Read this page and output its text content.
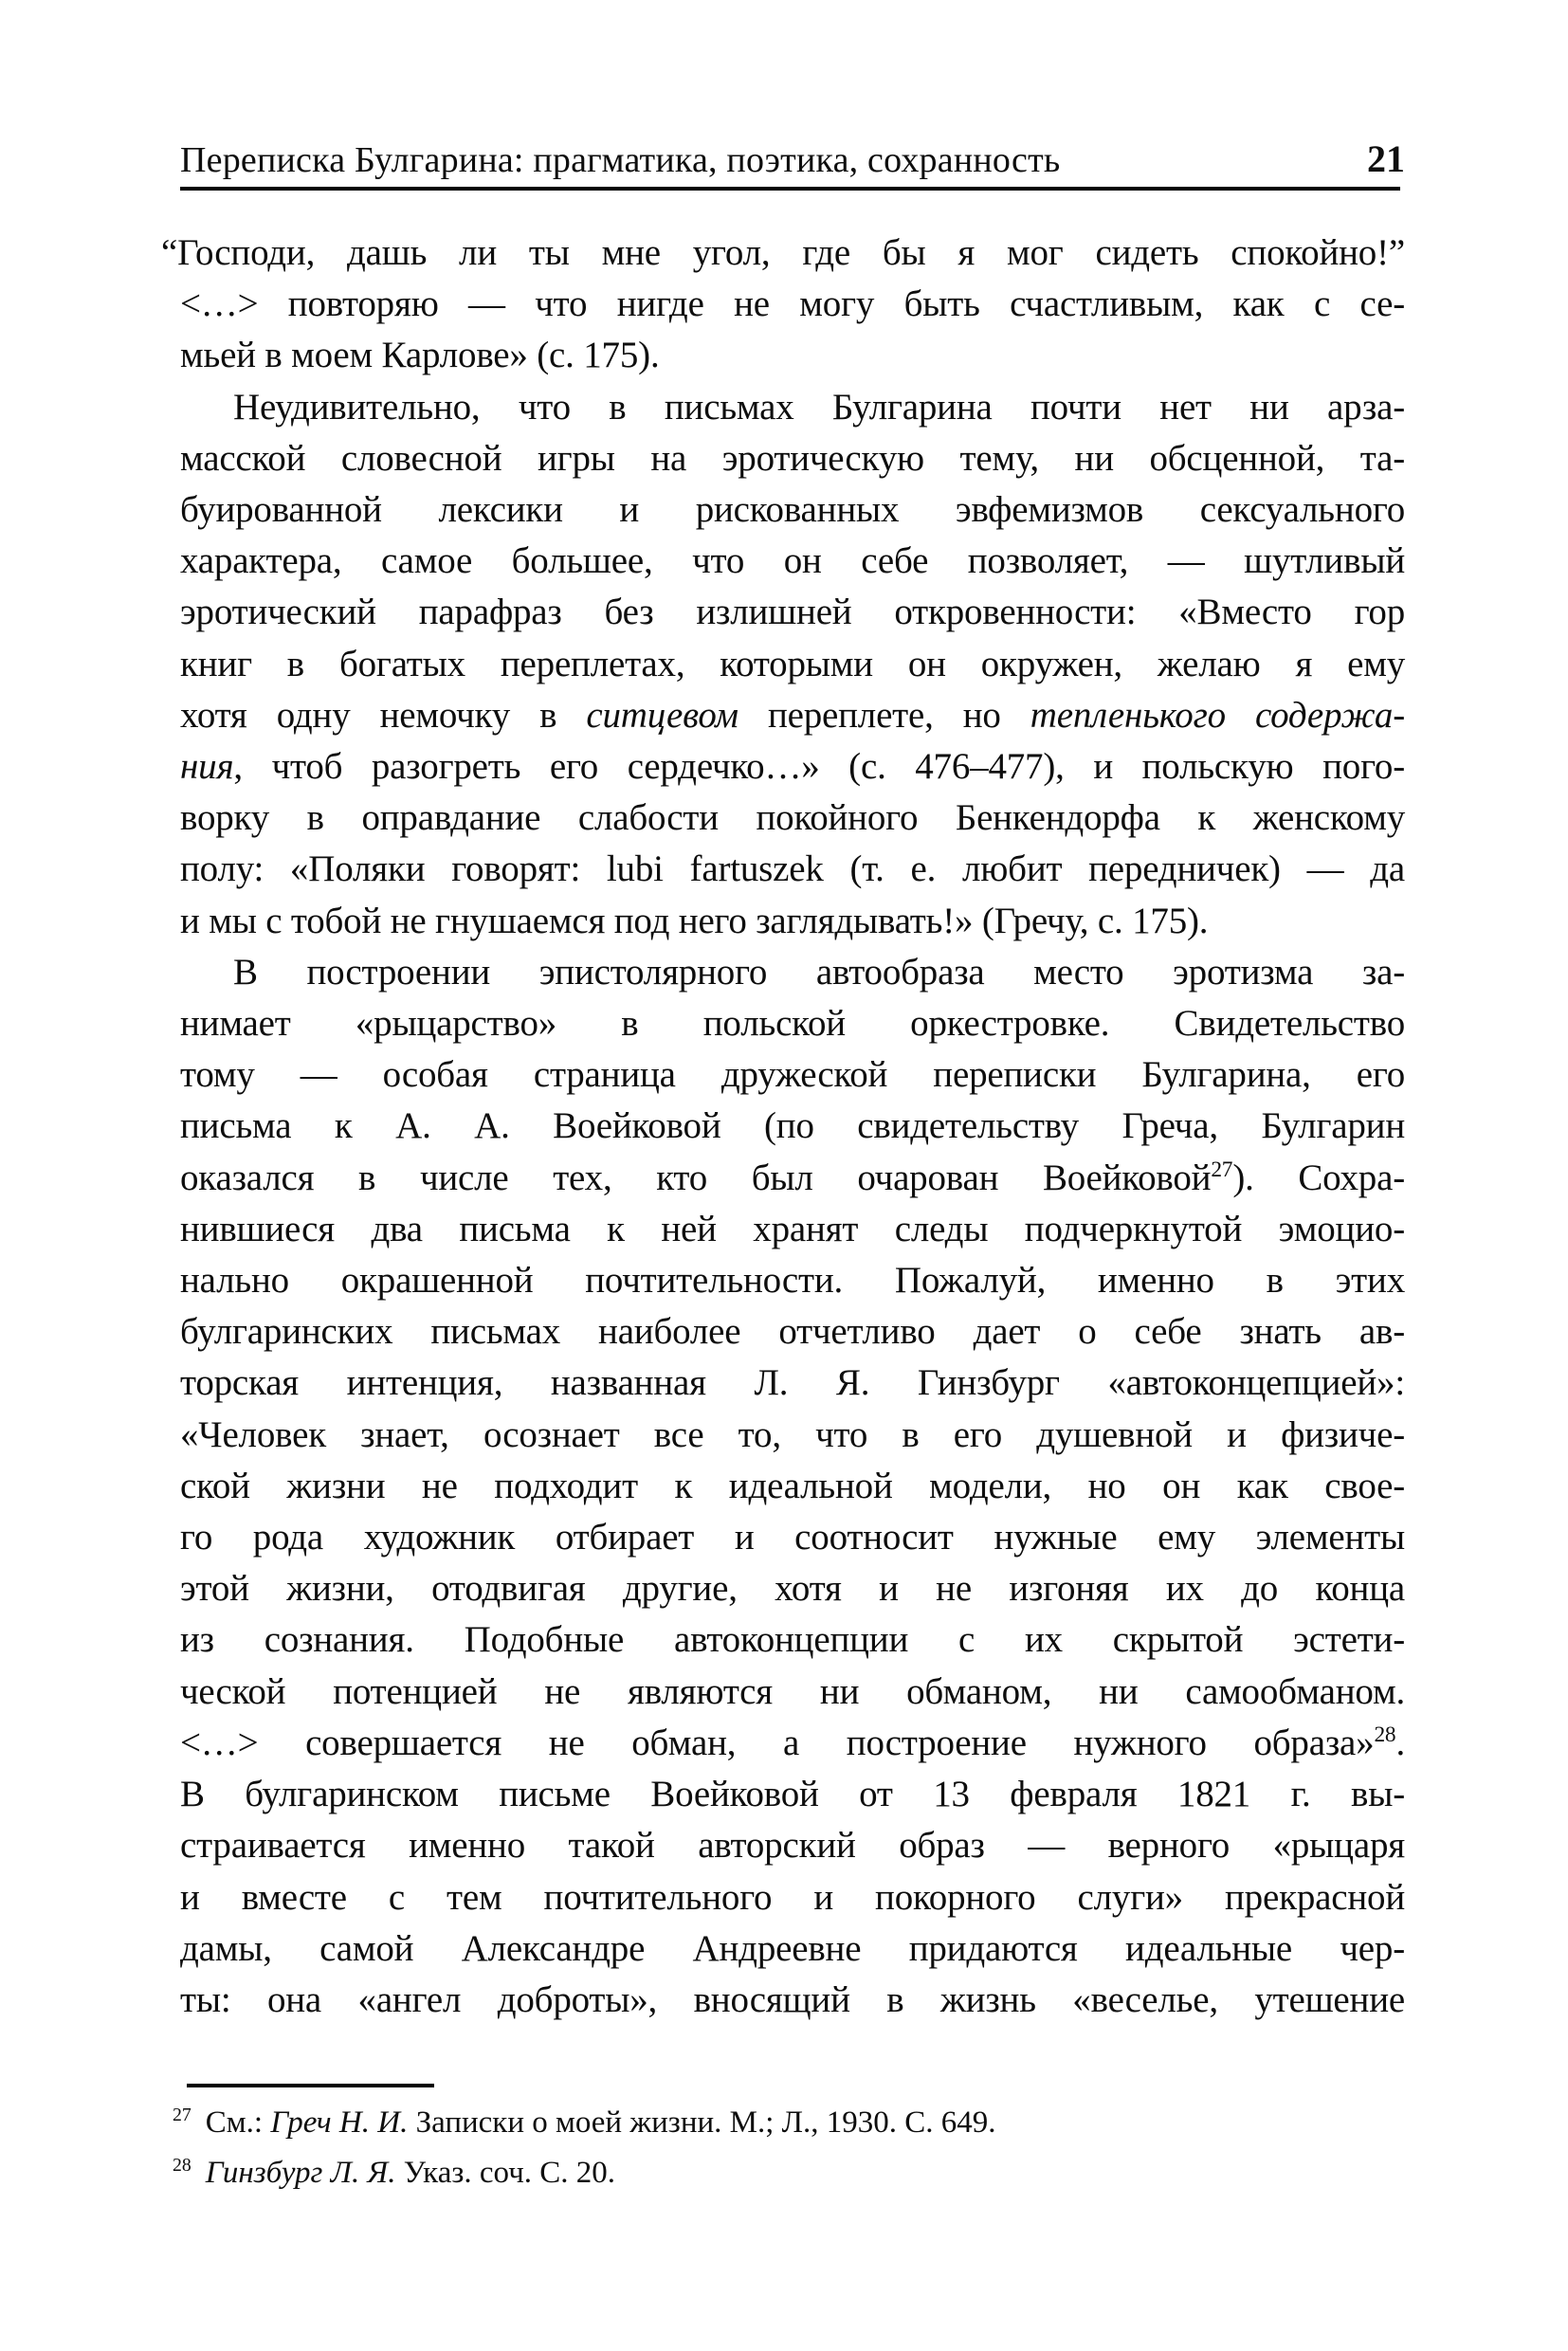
Переписка Булгарина: прагматика, поэтика, сохранность	21
“Господи, дашь ли ты мне угол, где бы я мог сидеть спокойно!”
<…> повторяю — что нигде не могу быть счастливым, как с се-
мьей в моем Карлове» (с. 175).
Неудивительно, что в письмах Булгарина почти нет ни арза-
масской словесной игры на эротическую тему, ни обсценной, та-
буированной лексики и рискованных эвфемизмов сексуального
характера, самое большее, что он себе позволяет, — шутливый
эротический парафраз без излишней откровенности: «Вместо гор
книг в богатых переплетах, которыми он окружен, желаю я ему
хотя одну немочку в ситцевом переплете, но тепленького содержа-
ния, чтоб разогреть его сердечко…» (с. 476–477), и польскую пого-
ворку в оправдание слабости покойного Бенкендорфа к женскому
полу: «Поляки говорят: lubi fartuszek (т. е. любит передничек) — да
и мы с тобой не гнушаемся под него заглядывать!» (Гречу, с. 175).
В построении эпистолярного автообраза место эротизма за-
нимает «рыцарство» в польской оркестровке. Свидетельство
тому — особая страница дружеской переписки Булгарина, его
письма к А. А. Воейковой (по свидетельству Греча, Булгарин
оказался в числе тех, кто был очарован Воейковой$^{27}$). Сохра-
нившиеся два письма к ней хранят следы подчеркнутой эмоцио-
нально окрашенной почтительности. Пожалуй, именно в этих
булгаринских письмах наиболее отчетливо дает о себе знать ав-
торская интенция, названная Л. Я. Гинзбург «автоконцепцией»:
«Человек знает, осознает все то, что в его душевной и физиче-
ской жизни не подходит к идеальной модели, но он как свое-
го рода художник отбирает и соотносит нужные ему элементы
этой жизни, отодвигая другие, хотя и не изгоняя их до конца
из сознания. Подобные автоконцепции с их скрытой эстети-
ческой потенцией не являются ни обманом, ни самообманом.
<…> совершается не обман, а построение нужного образа»$^{28}$.
В булгаринском письме Воейковой от 13 февраля 1821 г. вы-
страивается именно такой авторский образ — верного «рыцаря
и вместе с тем почтительного и покорного слуги» прекрасной
дамы, самой Александре Андреевне придаются идеальные чер-
ты: она «ангел доброты», вносящий в жизнь «веселье, утешение
$^{27}$ См.: Греч Н. И. Записки о моей жизни. М.; Л., 1930. С. 649.
$^{28}$ Гинзбург Л. Я. Указ. соч. С. 20.
